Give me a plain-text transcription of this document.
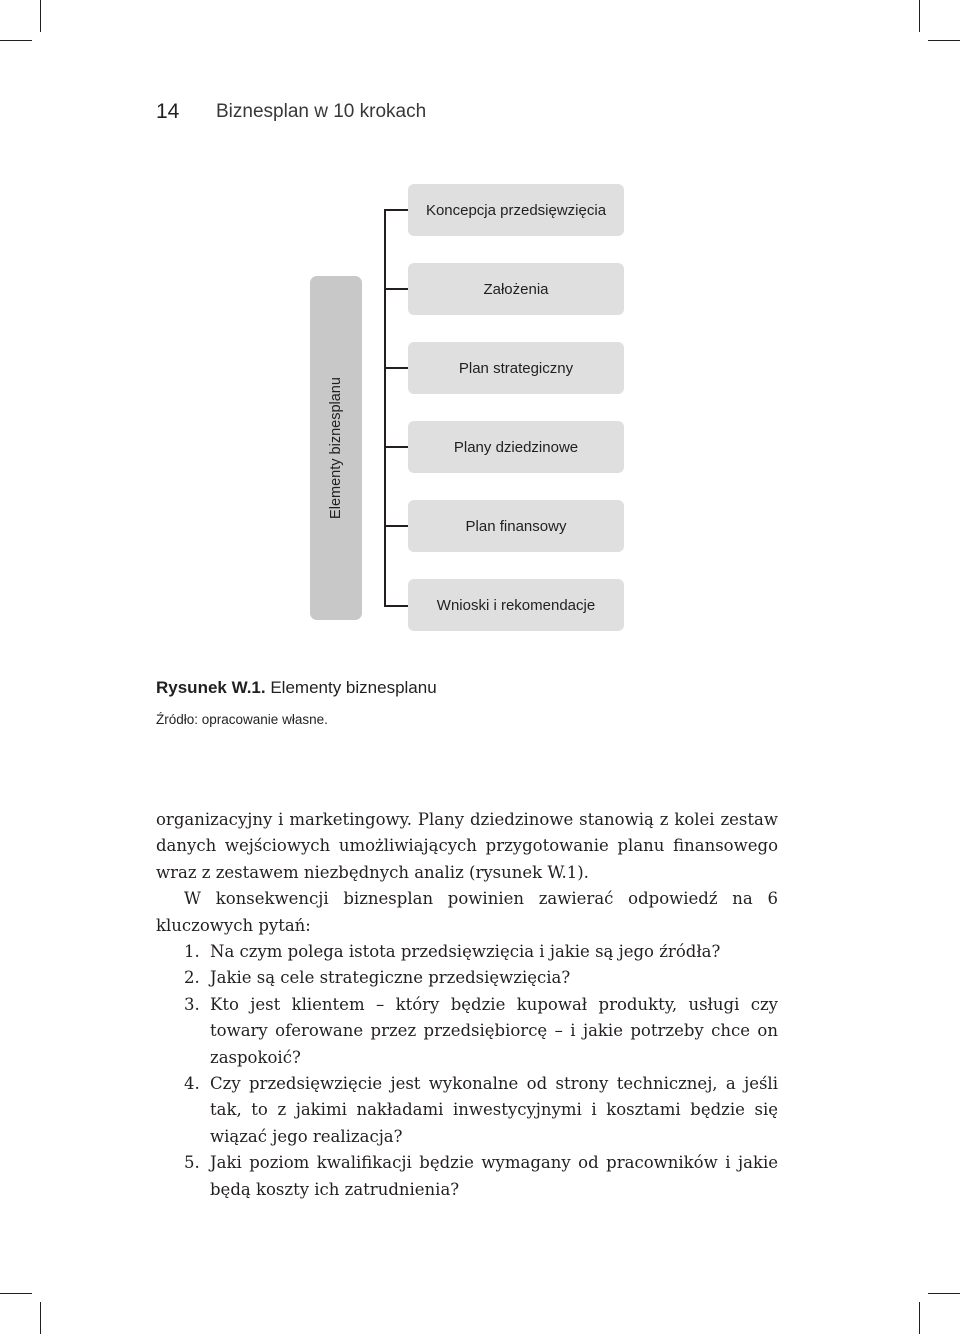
14 Biznesplan w 10 krokach
Elementy biznesplanu
Koncepcja przedsięwzięcia
Założenia
Plan strategiczny
Plany dziedzinowe
Plan finansowy
Wnioski i rekomendacje
Rysunek W.1. Elementy biznesplanu
Źródło: opracowanie własne.

organizacyjny i marketingowy. Plany dziedzinowe stanowią z kolei zestaw danych wejściowych umożliwiających przygotowanie planu finansowego wraz z zestawem niezbędnych analiz (rysunek W.1).

W konsekwencji biznesplan powinien zawierać odpowiedź na 6 kluczowych pytań:

1. Na czym polega istota przedsięwzięcia i jakie są jego źródła?
2. Jakie są cele strategiczne przedsięwzięcia?
3. Kto jest klientem – który będzie kupował produkty, usługi czy towary oferowane przez przedsiębiorcę – i jakie potrzeby chce on zaspokoić?
4. Czy przedsięwzięcie jest wykonalne od strony technicznej, a jeśli tak, to z jakimi nakładami inwestycyjnymi i kosztami będzie się wiązać jego realizacja?
5. Jaki poziom kwalifikacji będzie wymagany od pracowników i jakie będą koszty ich zatrudnienia?
